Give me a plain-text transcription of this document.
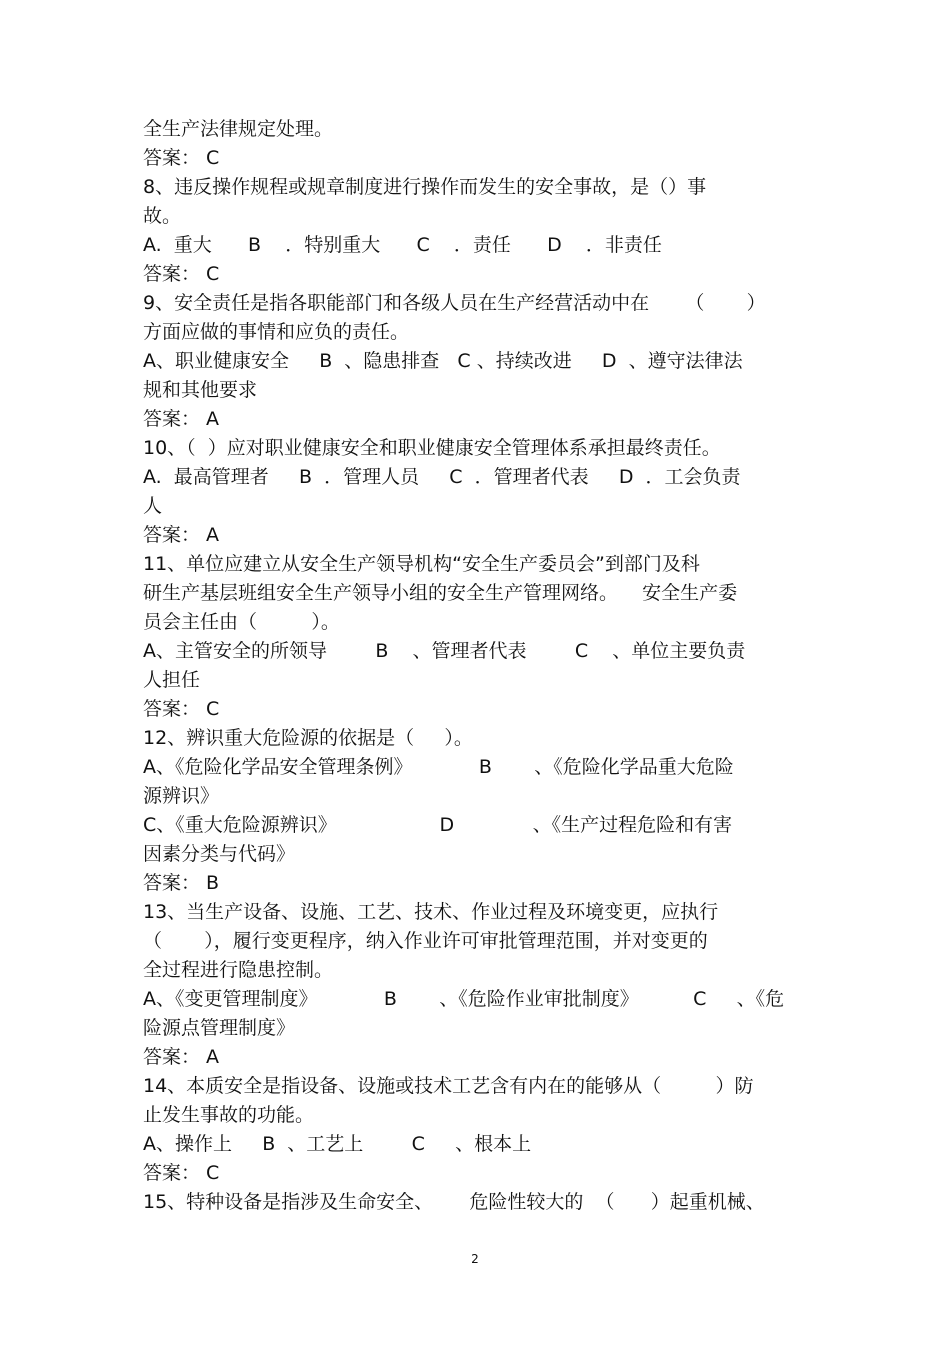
全生产法律规定处理。
答案： C
8、违反操作规程或规章制度进行操作而发生的安全事故，是（）事
故。
A.  重大      B    ．特别重大      C    ．责任      D    ．非责任
答案： C
9、安全责任是指各职能部门和各级人员在生产经营活动中在      （       ）
方面应做的事情和应负的责任。
A、职业健康安全     B  、隐患排查   C 、持续改进     D  、遵守法律法
规和其他要求
答案： A
10、（  ）应对职业健康安全和职业健康安全管理体系承担最终责任。
A.  最高管理者     B  ．管理人员     C  ．管理者代表     D  ．工会负责
人
答案： A
11、单位应建立从安全生产领导机构“安全生产委员会”到部门及科
研生产基层班组安全生产领导小组的安全生产管理网络。    安全生产委
员会主任由（         ）。
A、主管安全的所领导        B    、管理者代表        C    、单位主要负责
人担任
答案： C
12、辨识重大危险源的依据是（     ）。
A、《危险化学品安全管理条例》           B       、《危险化学品重大危险
源辨识》
C、《重大危险源辨识》                 D             、《生产过程危险和有害
因素分类与代码》
答案： B
13、当生产设备、设施、工艺、技术、作业过程及环境变更，应执行
（       ），履行变更程序，纳入作业许可审批管理范围，并对变更的
全过程进行隐患控制。
A、《变更管理制度》           B       、《危险作业审批制度》         C     、《危
险源点管理制度》
答案： A
14、本质安全是指设备、设施或技术工艺含有内在的能够从（         ）防
止发生事故的功能。
A、操作上     B  、工艺上        C     、根本上
答案： C
15、特种设备是指涉及生命安全、      危险性较大的  （      ）起重机械、
2
